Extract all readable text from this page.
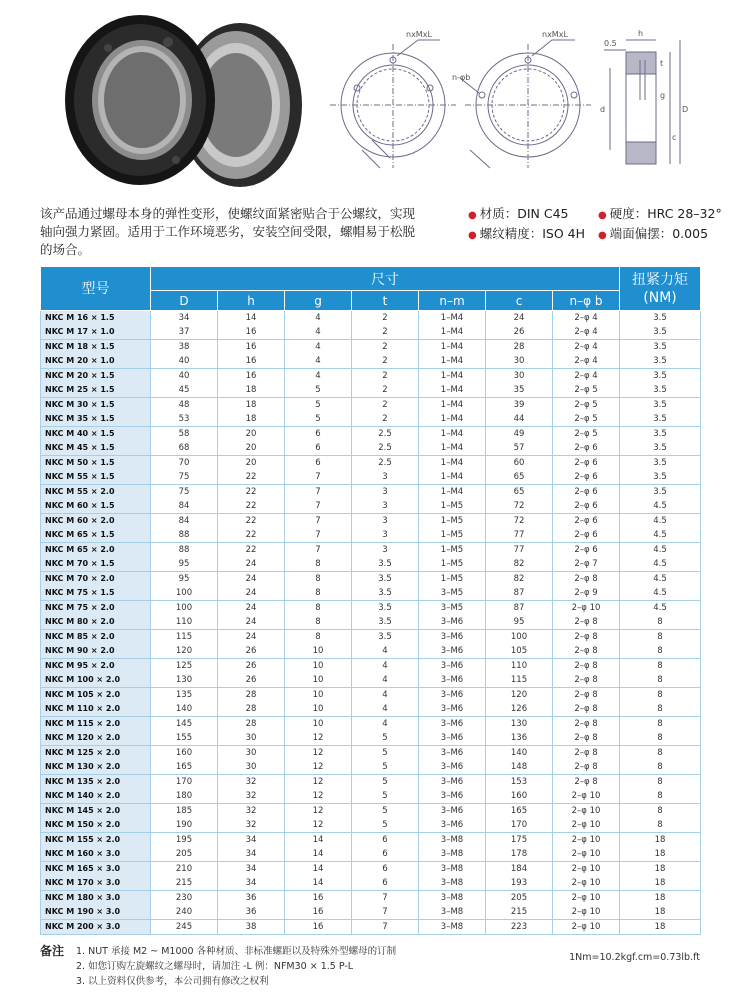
nxMxL	nxMxL
n-φb
0.5
h
d	D
c
t
g

该产品通过螺母本身的弹性变形，使螺纹面紧密贴合于公螺纹，实现轴向强力紧固。适用于工作环境恶劣，安装空间受限，螺帽易于松脱的场合。

● 材质：DIN C45	● 硬度：HRC 28–32°
● 螺纹精度：ISO 4H	● 端面偏摆：0.005
型号	尺寸							扭紧力矩
(NM)
	D	h	g	t	n–m	c	n–φ b	
NKC M 16 × 1.5	34	14	4	2	1–M4	24	2–φ 4	3.5
NKC M 17 × 1.0	37	16	4	2	1–M4	26	2–φ 4	3.5
NKC M 18 × 1.5	38	16	4	2	1–M4	28	2–φ 4	3.5
NKC M 20 × 1.0	40	16	4	2	1–M4	30	2–φ 4	3.5
NKC M 20 × 1.5	40	16	4	2	1–M4	30	2–φ 4	3.5
NKC M 25 × 1.5	45	18	5	2	1–M4	35	2–φ 5	3.5
NKC M 30 × 1.5	48	18	5	2	1–M4	39	2–φ 5	3.5
NKC M 35 × 1.5	53	18	5	2	1–M4	44	2–φ 5	3.5
NKC M 40 × 1.5	58	20	6	2.5	1–M4	49	2–φ 5	3.5
NKC M 45 × 1.5	68	20	6	2.5	1–M4	57	2–φ 6	3.5
NKC M 50 × 1.5	70	20	6	2.5	1–M4	60	2–φ 6	3.5
NKC M 55 × 1.5	75	22	7	3	1–M4	65	2–φ 6	3.5
NKC M 55 × 2.0	75	22	7	3	1–M4	65	2–φ 6	3.5
NKC M 60 × 1.5	84	22	7	3	1–M5	72	2–φ 6	4.5
NKC M 60 × 2.0	84	22	7	3	1–M5	72	2–φ 6	4.5
NKC M 65 × 1.5	88	22	7	3	1–M5	77	2–φ 6	4.5
NKC M 65 × 2.0	88	22	7	3	1–M5	77	2–φ 6	4.5
NKC M 70 × 1.5	95	24	8	3.5	1–M5	82	2–φ 7	4.5
NKC M 70 × 2.0	95	24	8	3.5	1–M5	82	2–φ 8	4.5
NKC M 75 × 1.5	100	24	8	3.5	3–M5	87	2–φ 9	4.5
NKC M 75 × 2.0	100	24	8	3.5	3–M5	87	2–φ 10	4.5
NKC M 80 × 2.0	110	24	8	3.5	3–M6	95	2–φ 8	8
NKC M 85 × 2.0	115	24	8	3.5	3–M6	100	2–φ 8	8
NKC M 90 × 2.0	120	26	10	4	3–M6	105	2–φ 8	8
NKC M 95 × 2.0	125	26	10	4	3–M6	110	2–φ 8	8
NKC M 100 × 2.0	130	26	10	4	3–M6	115	2–φ 8	8
NKC M 105 × 2.0	135	28	10	4	3–M6	120	2–φ 8	8
NKC M 110 × 2.0	140	28	10	4	3–M6	126	2–φ 8	8
NKC M 115 × 2.0	145	28	10	4	3–M6	130	2–φ 8	8
NKC M 120 × 2.0	155	30	12	5	3–M6	136	2–φ 8	8
NKC M 125 × 2.0	160	30	12	5	3–M6	140	2–φ 8	8
NKC M 130 × 2.0	165	30	12	5	3–M6	148	2–φ 8	8
NKC M 135 × 2.0	170	32	12	5	3–M6	153	2–φ 8	8
NKC M 140 × 2.0	180	32	12	5	3–M6	160	2–φ 10	8
NKC M 145 × 2.0	185	32	12	5	3–M6	165	2–φ 10	8
NKC M 150 × 2.0	190	32	12	5	3–M6	170	2–φ 10	8
NKC M 155 × 2.0	195	34	14	6	3–M8	175	2–φ 10	18
NKC M 160 × 3.0	205	34	14	6	3–M8	178	2–φ 10	18
NKC M 165 × 3.0	210	34	14	6	3–M8	184	2–φ 10	18
NKC M 170 × 3.0	215	34	14	6	3–M8	193	2–φ 10	18
NKC M 180 × 3.0	230	36	16	7	3–M8	205	2–φ 10	18
NKC M 190 × 3.0	240	36	16	7	3–M8	215	2–φ 10	18
NKC M 200 × 3.0	245	38	16	7	3–M8	223	2–φ 10	18
备注 1. NUT 承接 M2 ~ M1000 各种材质、非标准螺距以及特殊外型螺母的订制
2. 如您订购左旋螺纹之螺母时，请加注 -L 例：NFM30 × 1.5 P-L
3. 以上资料仅供参考，本公司拥有修改之权利
1Nm=10.2kgf.cm=0.73lb.ft
